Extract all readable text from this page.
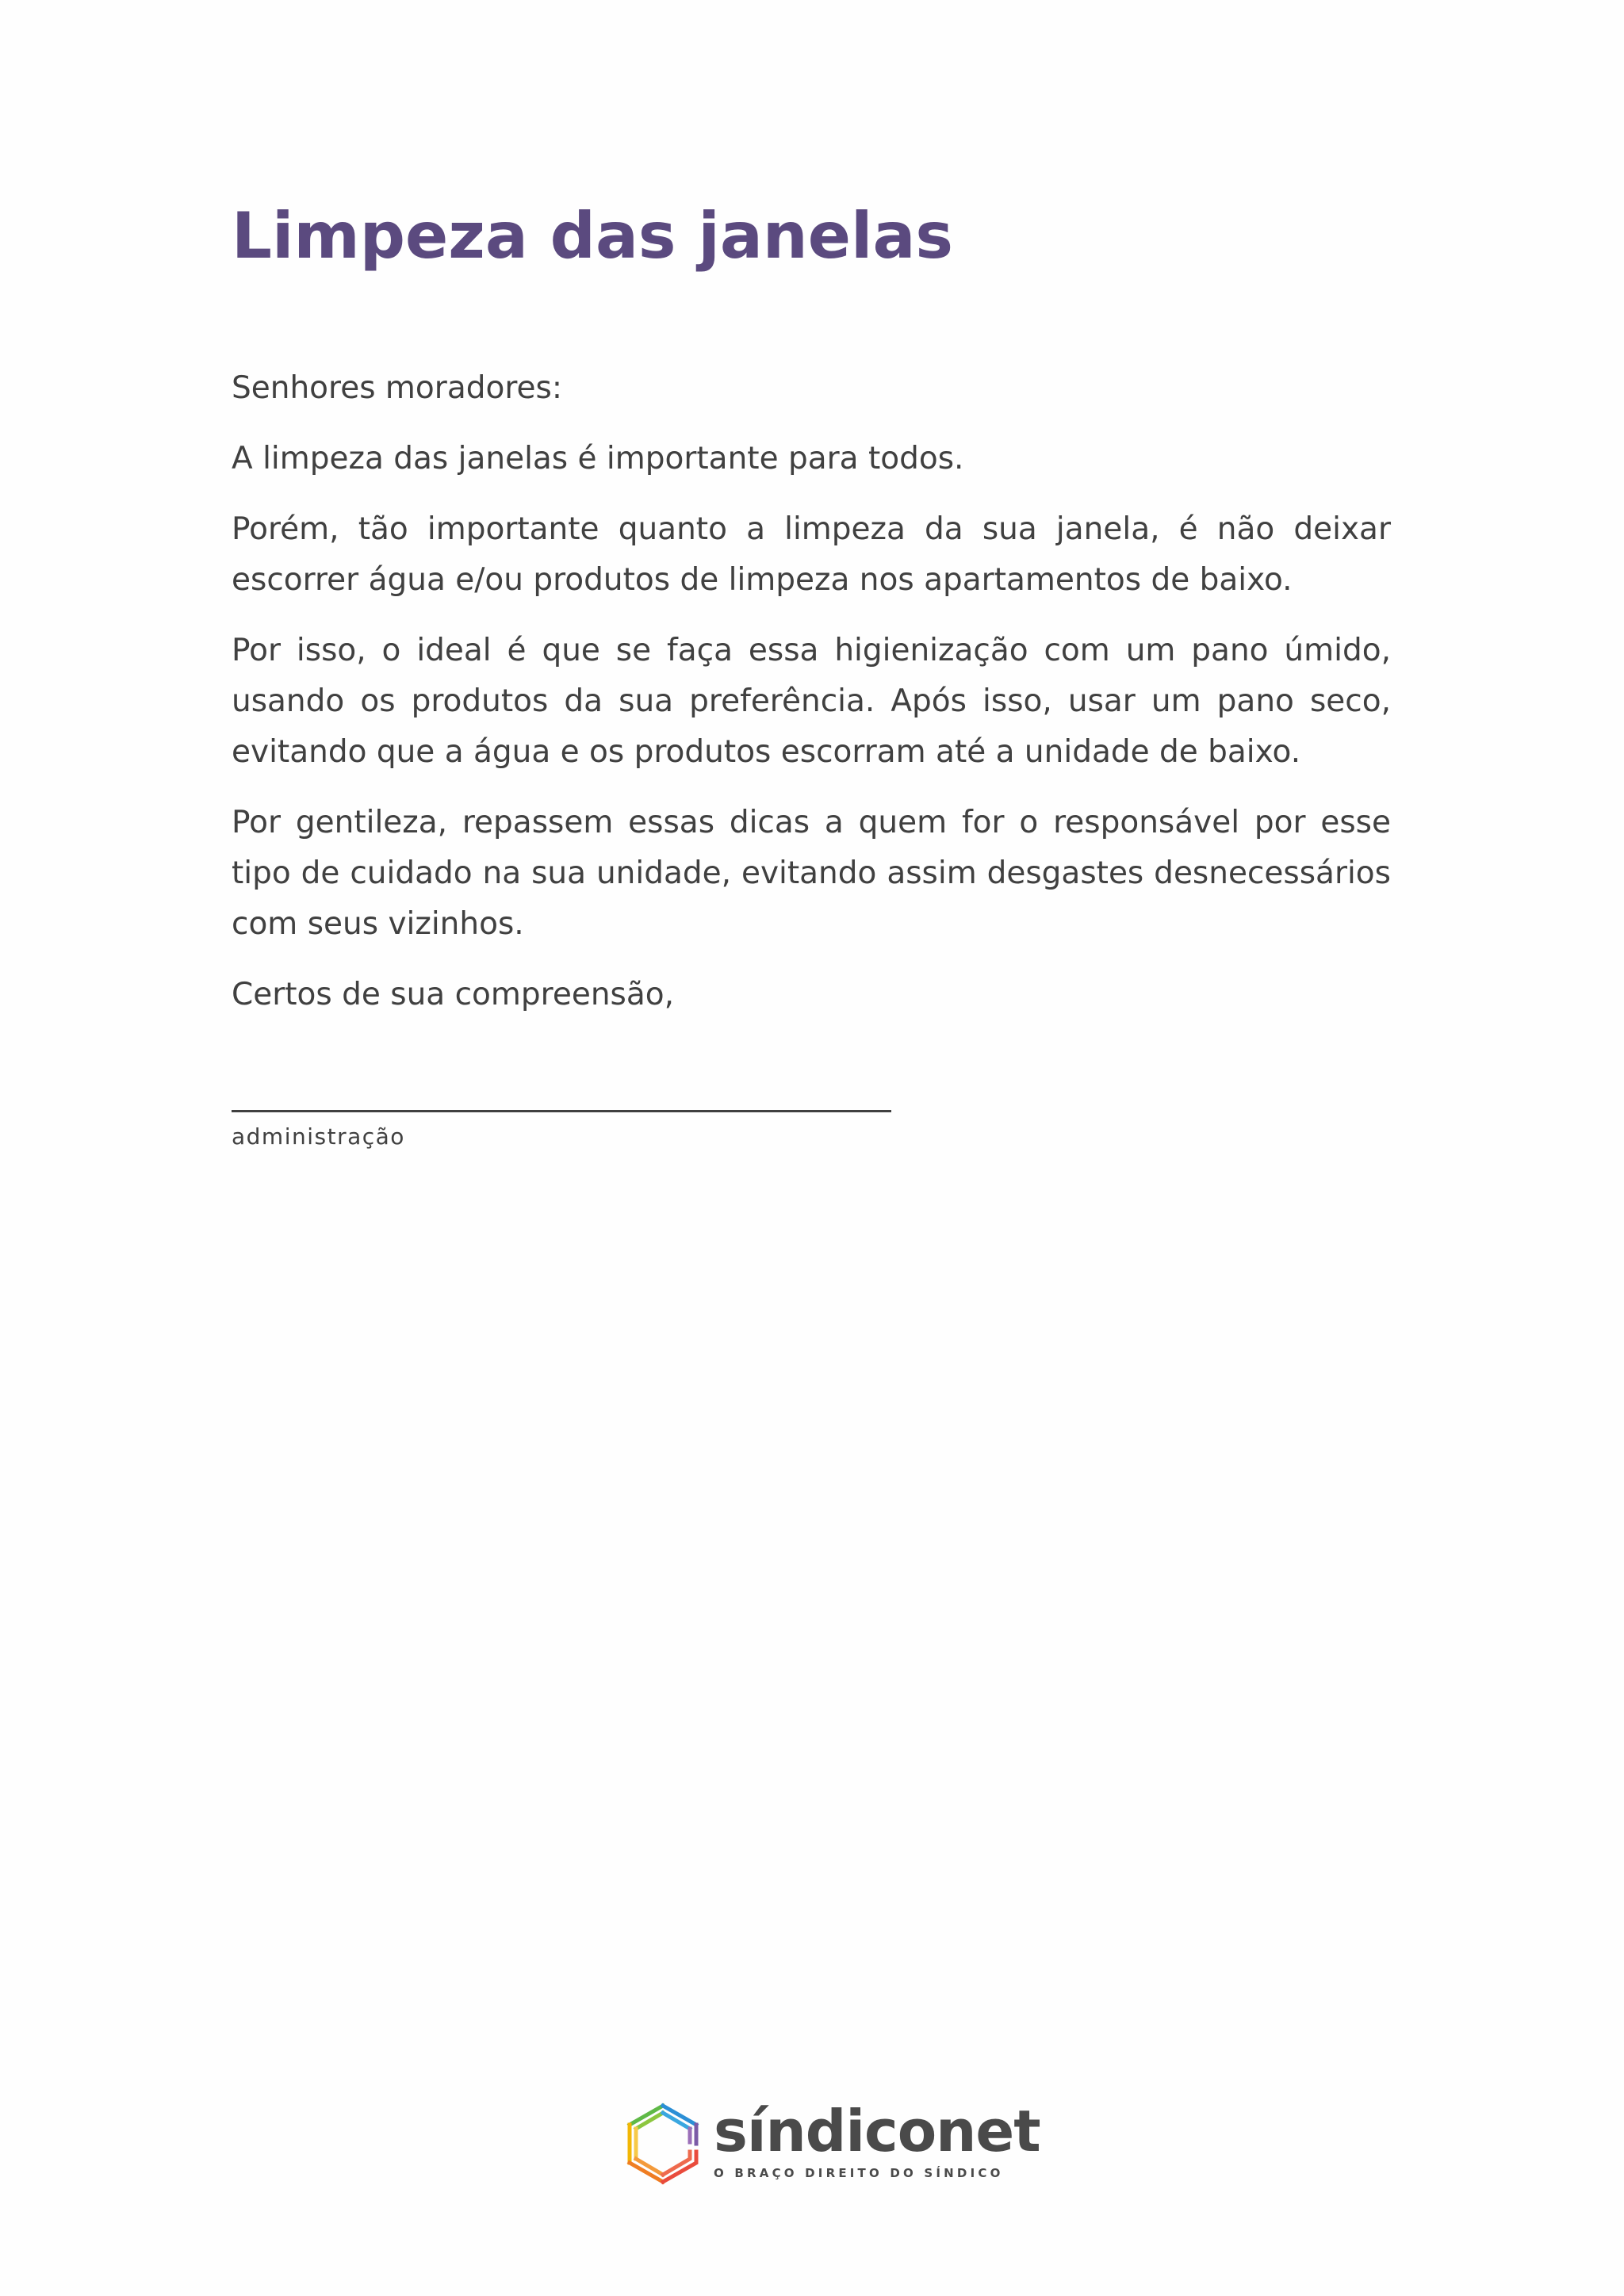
Limpeza das janelas

Senhores moradores:

A limpeza das janelas é importante para todos.

Porém, tão importante quanto a limpeza da sua janela, é não deixar escorrer água e/ou produtos de limpeza nos apartamentos de baixo.

Por isso, o ideal é que se faça essa higienização com um pano úmido, usando os produtos da sua preferência. Após isso, usar um pano seco, evitando que a água e os produtos escorram até a unidade de baixo.

Por gentileza, repassem essas dicas a quem for o responsável por esse tipo de cuidado na sua unidade, evitando assim desgastes desnecessários com seus vizinhos.

Certos de sua compreensão,

administração
síndiconet
O BRAÇO DIREITO DO SÍNDICO
